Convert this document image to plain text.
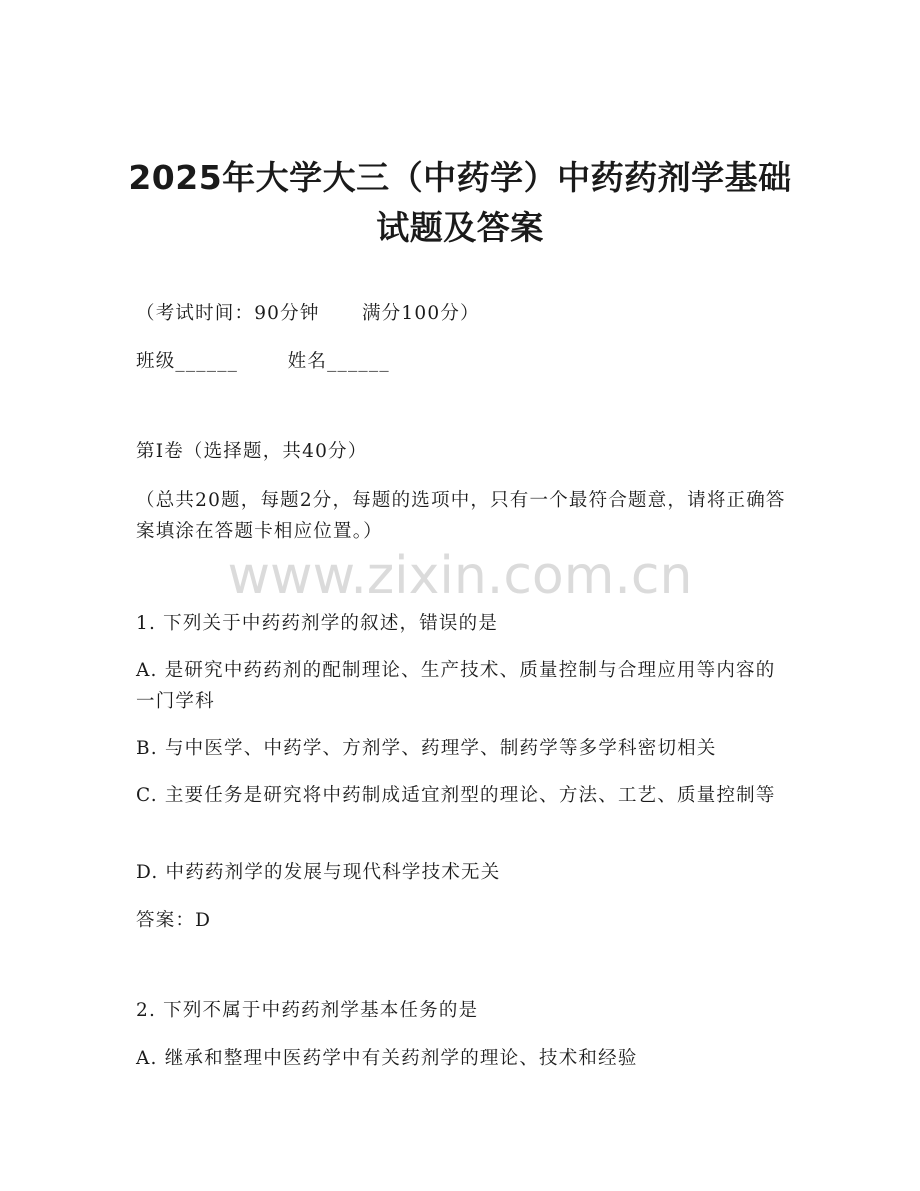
2025年大学大三（中药学）中药药剂学基础
试题及答案
（考试时间：90分钟      满分100分）
班级______       姓名______
第I卷（选择题，共40分）
（总共20题，每题2分，每题的选项中，只有一个最符合题意，请将正确答案填涂在答题卡相应位置。）
www.zixin.com.cn
1. 下列关于中药药剂学的叙述，错误的是
A. 是研究中药药剂的配制理论、生产技术、质量控制与合理应用等内容的一门学科
B. 与中医学、中药学、方剂学、药理学、制药学等多学科密切相关
C. 主要任务是研究将中药制成适宜剂型的理论、方法、工艺、质量控制等
D. 中药药剂学的发展与现代科学技术无关
答案：D
2. 下列不属于中药药剂学基本任务的是
A. 继承和整理中医药学中有关药剂学的理论、技术和经验
